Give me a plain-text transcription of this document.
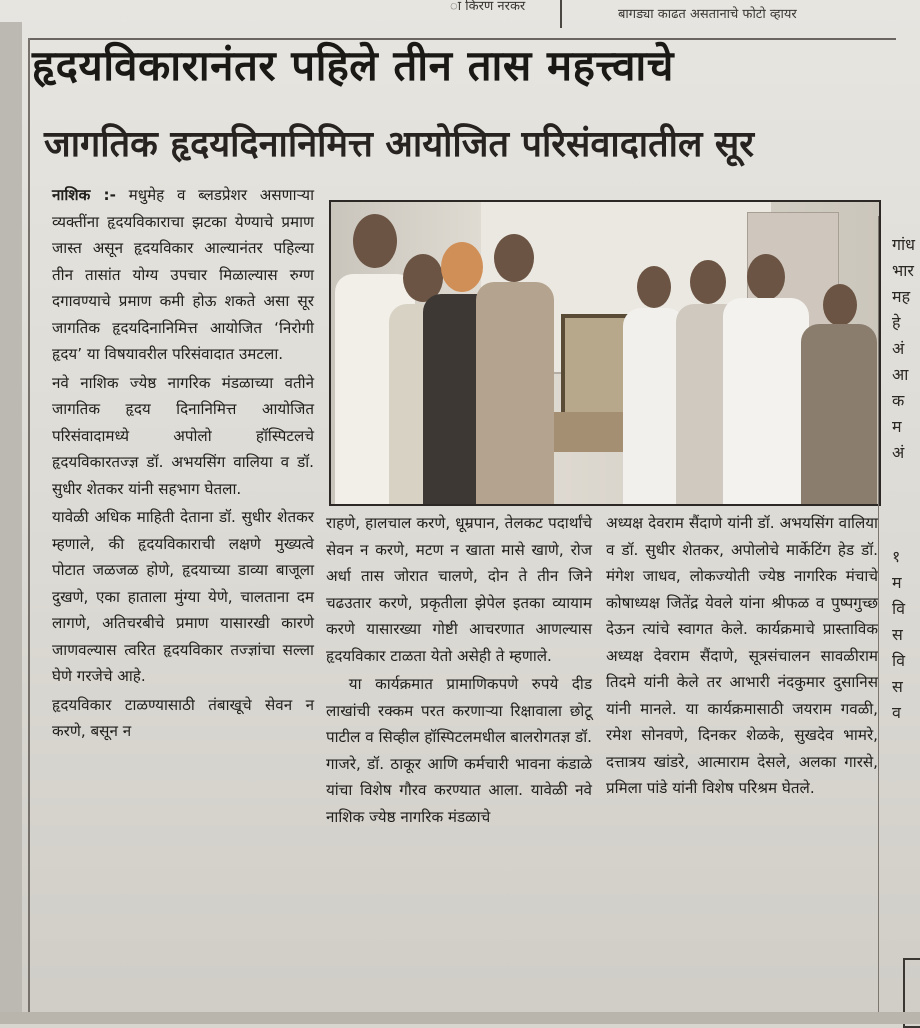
ा किरण नरकर
बागड्या काढत असतानाचे फोटो व्हायर
हृदयविकारानंतर पहिले तीन तास महत्त्वाचे
जागतिक हृदयदिनानिमित्त आयोजित परिसंवादातील सूर

नाशिक :- मधुमेह व ब्लडप्रेशर असणाऱ्या व्यक्तींना हृदयविकाराचा झटका येण्याचे प्रमाण जास्त असून हृदयविकार आल्यानंतर पहिल्या तीन तासांत योग्य उपचार मिळाल्यास रुग्ण दगावण्याचे प्रमाण कमी होऊ शकते असा सूर जागतिक हृदयदिनानिमित्त आयोजित ‘निरोगी हृदय’ या विषयावरील परिसंवादात उमटला.

नवे नाशिक ज्येष्ठ नागरिक मंडळाच्या वतीने जागतिक हृदय दिनानिमित्त आयोजित परिसंवादामध्ये अपोलो हॉस्पिटलचे हृदयविकारतज्ज्ञ डॉ. अभयसिंग वालिया व डॉ. सुधीर शेतकर यांनी सहभाग घेतला.

यावेळी अधिक माहिती देताना डॉ. सुधीर शेतकर म्हणाले, की हृदयविकाराची लक्षणे मुख्यत्वे पोटात जळजळ होणे, हृदयाच्या डाव्या बाजूला दुखणे, एका हाताला मुंग्या येणे, चालताना दम लागणे, अतिचरबीचे प्रमाण यासारखी कारणे जाणवल्यास त्वरित हृदयविकार तज्ज्ञांचा सल्ला घेणे गरजेचे आहे.

हृदयविकार टाळण्यासाठी तंबाखूचे सेवन न करणे, बसून न

राहणे, हालचाल करणे, धूम्रपान, तेलकट पदार्थांचे सेवन न करणे, मटण न खाता मासे खाणे, रोज अर्धा तास जोरात चालणे, दोन ते तीन जिने चढउतार करणे, प्रकृतीला झेपेल इतका व्यायाम करणे यासारख्या गोष्टी आचरणात आणल्यास हृदयविकार टाळता येतो असेही ते म्हणाले.

या कार्यक्रमात प्रामाणिकपणे रुपये दीड लाखांची रक्कम परत करणाऱ्या रिक्षावाला छोटू पाटील व सिव्हील हॉस्पिटलमधील बालरोगतज्ञ डॉ. गाजरे, डॉ. ठाकूर आणि कर्मचारी भावना कंडाळे यांचा विशेष गौरव करण्यात आला. यावेळी नवे नाशिक ज्येष्ठ नागरिक मंडळाचे

अध्यक्ष देवराम सैंदाणे यांनी डॉ. अभयसिंग वालिया व डॉ. सुधीर शेतकर, अपोलोचे मार्केटिंग हेड डॉ. मंगेश जाधव, लोकज्योती ज्येष्ठ नागरिक मंचाचे कोषाध्यक्ष जितेंद्र येवले यांना श्रीफळ व पुष्पगुच्छ देऊन त्यांचे स्वागत केले. कार्यक्रमाचे प्रास्ताविक अध्यक्ष देवराम सैंदाणे, सूत्रसंचालन सावळीराम तिदमे यांनी केले तर आभारी नंदकुमार दुसानिस यांनी मानले. या कार्यक्रमासाठी जयराम गवळी, रमेश सोनवणे, दिनकर शेळके, सुखदेव भामरे, दत्तात्रय खांडरे, आत्माराम देसले, अलका गारसे, प्रमिला पांडे यांनी विशेष परिश्रम घेतले.

गांध
भार
मह
हे
अं
आ
क
म
अं
१
म
वि
स
वि
स
व
